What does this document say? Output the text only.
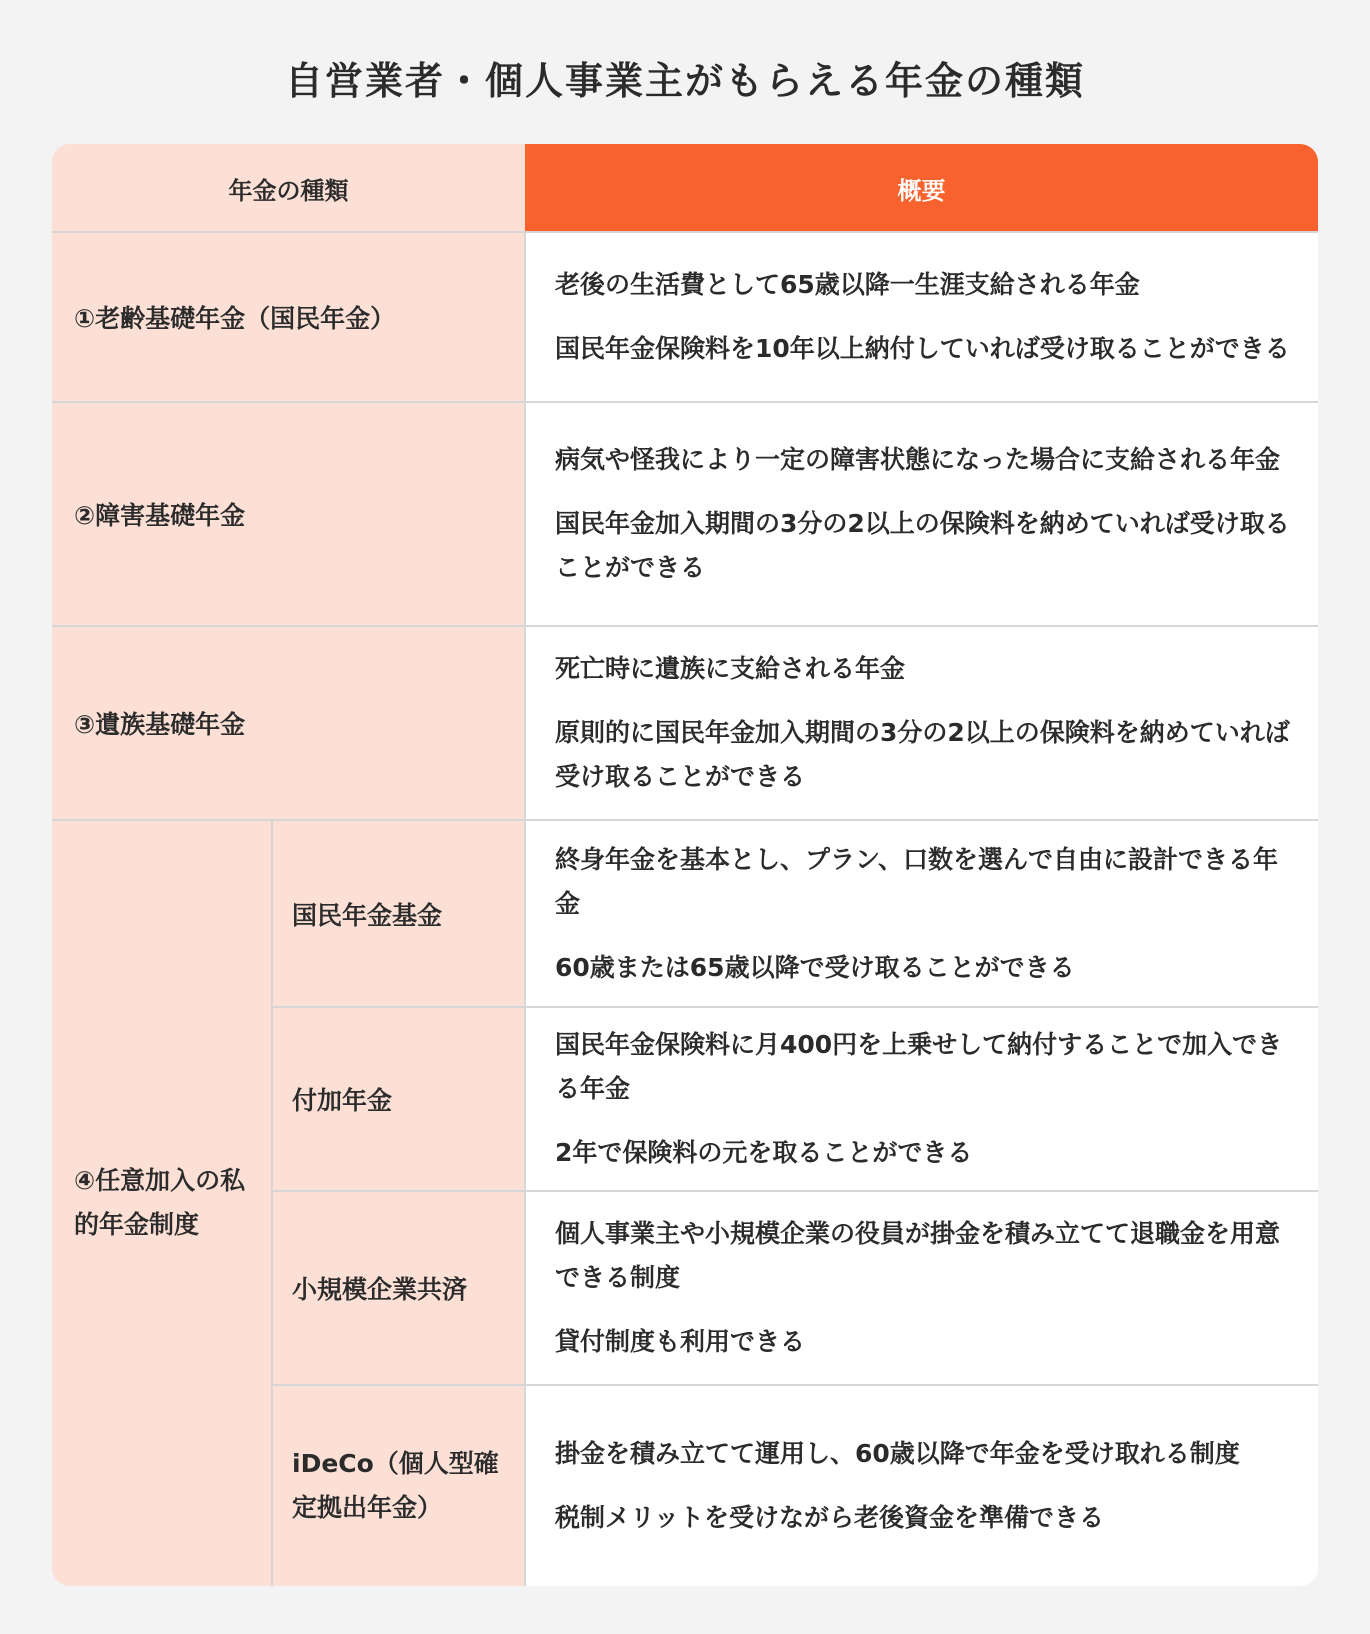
自営業者・個人事業主がもらえる年金の種類
年金の種類	概要
①老齢基礎年金（国民年金）

老後の生活費として65歳以降一生涯支給される年金

国民年金保険料を10年以上納付していれば受け取ることができる

②障害基礎年金

病気や怪我により一定の障害状態になった場合に支給される年金

国民年金加入期間の3分の2以上の保険料を納めていれば受け取ることができる

③遺族基礎年金

死亡時に遺族に支給される年金

原則的に国民年金加入期間の3分の2以上の保険料を納めていれば受け取ることができる

④任意加入の私的年金制度
国民年金基金

終身年金を基本とし、プラン、口数を選んで自由に設計できる年金

60歳または65歳以降で受け取ることができる

付加年金

国民年金保険料に月400円を上乗せして納付することで加入できる年金

2年で保険料の元を取ることができる

小規模企業共済

個人事業主や小規模企業の役員が掛金を積み立てて退職金を用意できる制度

貸付制度も利用できる

iDeCo（個人型確定拠出年金）

掛金を積み立てて運用し、60歳以降で年金を受け取れる制度

税制メリットを受けながら老後資金を準備できる
